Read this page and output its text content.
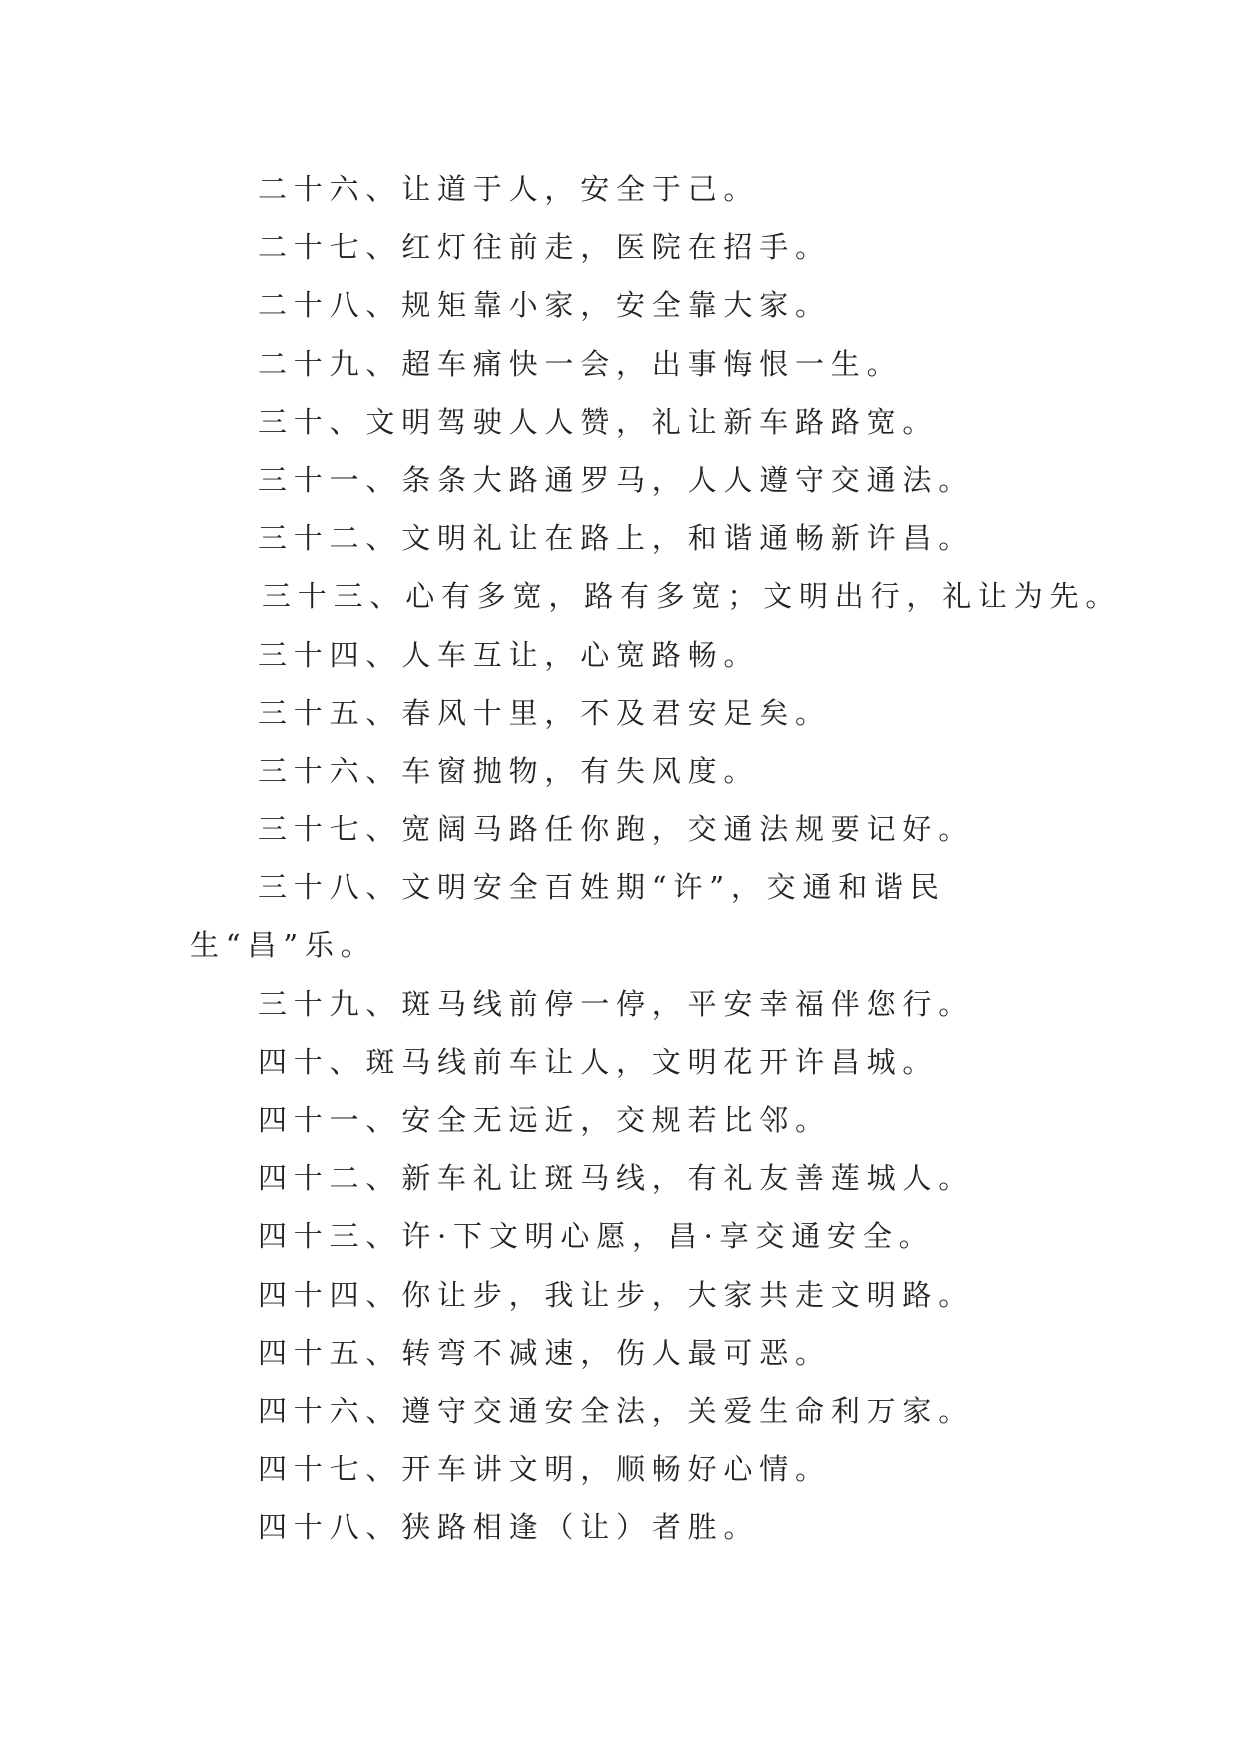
二十六、让道于人，安全于己。
二十七、红灯往前走，医院在招手。
二十八、规矩靠小家，安全靠大家。
二十九、超车痛快一会，出事悔恨一生。
三十、文明驾驶人人赞，礼让新车路路宽。
三十一、条条大路通罗马，人人遵守交通法。
三十二、文明礼让在路上，和谐通畅新许昌。
三十三、心有多宽，路有多宽；文明出行，礼让为先。
三十四、人车互让，心宽路畅。
三十五、春风十里，不及君安足矣。
三十六、车窗抛物，有失风度。
三十七、宽阔马路任你跑，交通法规要记好。
三十八、文明安全百姓期“许”，交通和谐民生“昌”乐。
三十九、斑马线前停一停，平安幸福伴您行。
四十、斑马线前车让人，文明花开许昌城。
四十一、安全无远近，交规若比邻。
四十二、新车礼让斑马线，有礼友善莲城人。
四十三、许·下文明心愿，昌·享交通安全。
四十四、你让步，我让步，大家共走文明路。
四十五、转弯不减速，伤人最可恶。
四十六、遵守交通安全法，关爱生命利万家。
四十七、开车讲文明，顺畅好心情。
四十八、狭路相逢（让）者胜。
